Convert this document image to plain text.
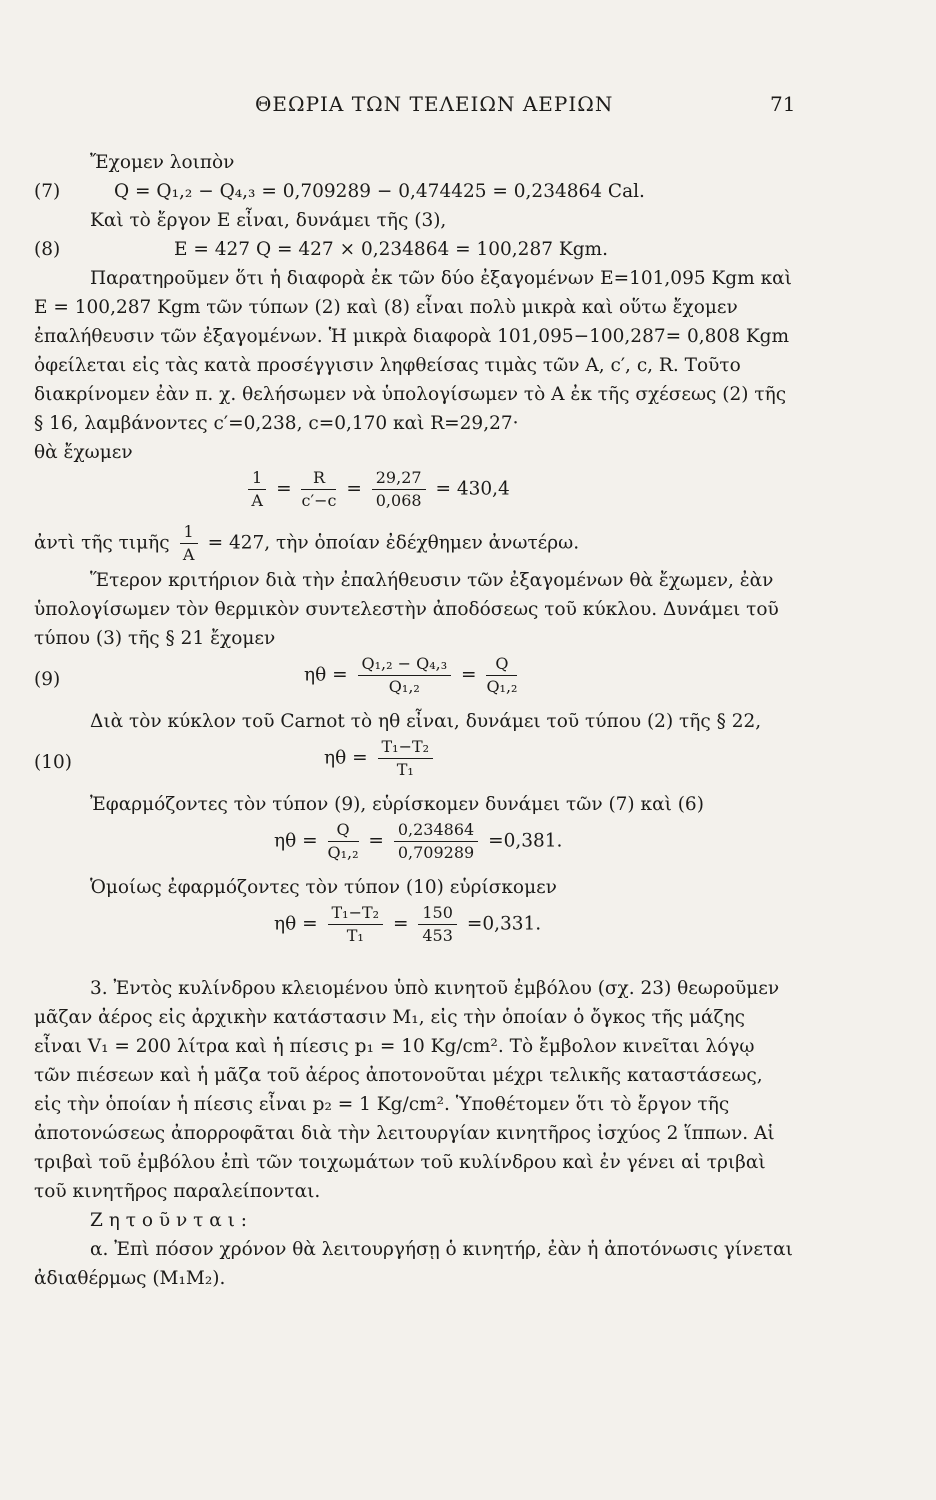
ΘΕΩΡΙΑ ΤΩΝ ΤΕΛΕΙΩΝ ΑΕΡΙΩΝ	71

Ἔχομεν λοιπὸν

(7)	Q = Q₁,₂ − Q₄,₃ = 0,709289 − 0,474425 = 0,234864 Cal.

Καὶ τὸ ἔργον E εἶναι, δυνάμει τῆς (3),

(8)	E = 427 Q = 427 × 0,234864 = 100,287 Kgm.

Παρατηροῦμεν ὅτι ἡ διαφορὰ ἐκ τῶν δύο ἐξαγομένων E=101,095 Kgm καὶ E = 100,287 Kgm τῶν τύπων (2) καὶ (8) εἶναι πολὺ μικρὰ καὶ οὕτω ἔχομεν ἐπαλήθευσιν τῶν ἐξαγομένων. Ἡ μικρὰ διαφορὰ 101,095−100,287= 0,808 Kgm ὀφείλεται εἰς τὰς κατὰ προσέγγισιν ληφθείσας τιμὰς τῶν A, c′, c, R. Τοῦτο διακρίνομεν ἐὰν π. χ. θελήσωμεν νὰ ὑπολογίσωμεν τὸ A ἐκ τῆς σχέσεως (2) τῆς § 16, λαμβάνοντες c′=0,238, c=0,170 καὶ R=29,27·

θὰ ἔχωμεν

$\frac{1}{A} = \frac{R}{c'-c} = \frac{29,27}{0,068} = 430,4$

ἀντὶ τῆς τιμῆς $\frac{1}{A} = 427$, τὴν ὁποίαν ἐδέχθημεν ἀνωτέρω.

Ἕτερον κριτήριον διὰ τὴν ἐπαλήθευσιν τῶν ἐξαγομένων θὰ ἔχωμεν, ἐὰν ὑπολογίσωμεν τὸν θερμικὸν συντελεστὴν ἀποδόσεως τοῦ κύκλου. Δυνάμει τοῦ τύπου (3) τῆς § 21 ἔχομεν

(9)	$\eta\theta = \frac{\text{Q₁,₂ − Q₄,₃}}{\text{Q₁,₂}} = \frac{Q}{\text{Q₁,₂}}$

Διὰ τὸν κύκλον τοῦ Carnot τὸ ηθ εἶναι, δυνάμει τοῦ τύπου (2) τῆς § 22,

(10)	$\eta\theta = \frac{\text{T₁−T₂}}{\text{T₁}}$

Ἐφαρμόζοντες τὸν τύπον (9), εὑρίσκομεν δυνάμει τῶν (7) καὶ (6)

$\eta\theta = \frac{Q}{\text{Q₁,₂}} = \frac{0,234864}{0,709289} =0,381$.

Ὁμοίως ἐφαρμόζοντες τὸν τύπον (10) εὑρίσκομεν

$\eta\theta = \frac{\text{T₁−T₂}}{\text{T₁}} = \frac{150}{453} =0,331$.

3. Ἐντὸς κυλίνδρου κλειομένου ὑπὸ κινητοῦ ἐμβόλου (σχ. 23) θεωροῦμεν μᾶζαν ἀέρος εἰς ἀρχικὴν κατάστασιν M₁, εἰς τὴν ὁποίαν ὁ ὄγκος τῆς μάζης εἶναι V₁ = 200 λίτρα καὶ ἡ πίεσις p₁ = 10 Kg/cm². Τὸ ἔμβολον κινεῖται λόγῳ τῶν πιέσεων καὶ ἡ μᾶζα τοῦ ἀέρος ἀποτονοῦται μέχρι τελικῆς καταστάσεως, εἰς τὴν ὁποίαν ἡ πίεσις εἶναι p₂ = 1 Kg/cm². Ὑποθέτομεν ὅτι τὸ ἔργον τῆς ἀποτονώσεως ἀπορροφᾶται διὰ τὴν λειτουργίαν κινητῆρος ἰσχύος 2 ἵππων. Αἱ τριβαὶ τοῦ ἐμβόλου ἐπὶ τῶν τοιχωμάτων τοῦ κυλίνδρου καὶ ἐν γένει αἱ τριβαὶ τοῦ κινητῆρος παραλείπονται.

Ζ η τ ο ῦ ν τ α ι :

α. Ἐπὶ πόσον χρόνον θὰ λειτουργήσῃ ὁ κινητήρ, ἐὰν ἡ ἀποτόνωσις γίνεται ἀδιαθέρμως (M₁M₂).
